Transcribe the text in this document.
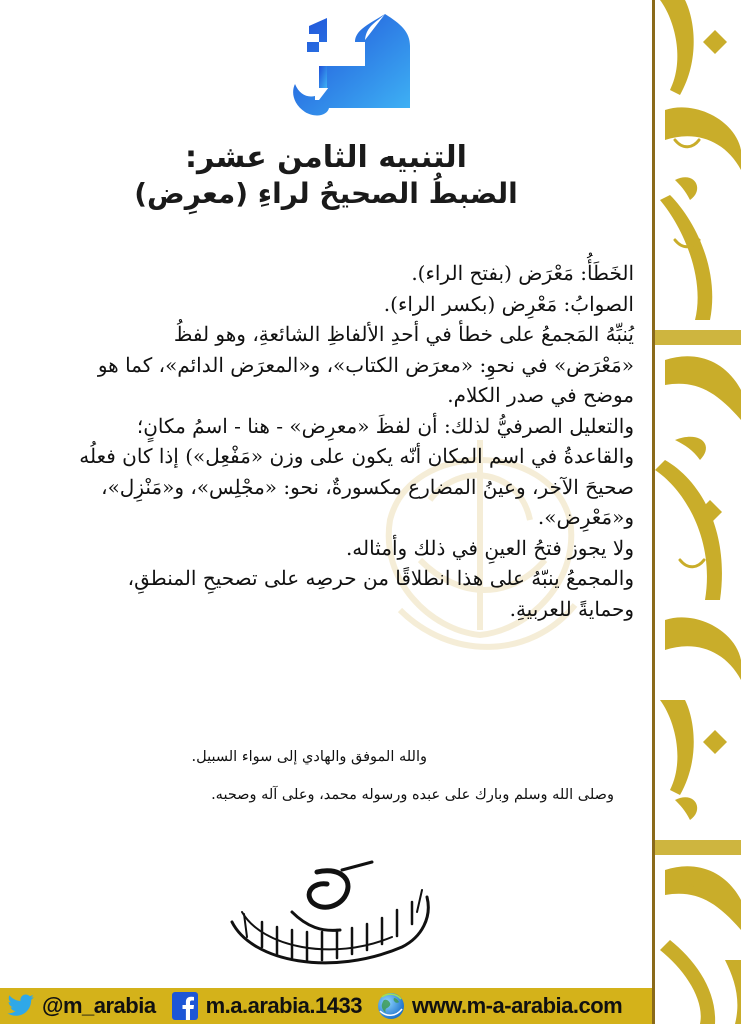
التنبيه الثامن عشر:
الضبطُ الصحيحُ لراءِ (معرِض)

الخَطَأُ: مَعْرَض (بفتح الراء).

الصوابُ: مَعْرِض (بكسر الراء).

يُنبِّهُ المَجمعُ على خطأ في أحدِ الألفاظِ الشائعةِ، وهو لفظُ

«مَعْرَض» في نحوِ: «معرَض الكتاب»، و«المعرَض الدائم»، كما هو

موضح في صدر الكلام.

والتعليل الصرفيُّ لذلك: أن لفظَ «معرِض» - هنا - اسمُ مكانٍ؛

والقاعدةُ في اسم المكان أنّه يكون على وزن «مَفْعِل») إذا كان فعلُه

صحيحَ الآخر، وعينُ المضارع مكسورةٌ، نحو: «مجْلِس»، و«مَنْزِل»،

و«مَعْرِض».

ولا يجوز فتحُ العينِ في ذلك وأمثاله.

والمجمعُ ينبّهُ على هذا انطلاقًا من حرصِه على تصحيحِ المنطقِ،

وحمايةً للعربيةِ.

والله الموفق والهادي إلى سواء السبيل.
وصلى الله وسلم وبارك على عبده ورسوله محمد، وعلى آله وصحبه.
@m_arabia m.a.arabia.1433 www.m-a-arabia.com
